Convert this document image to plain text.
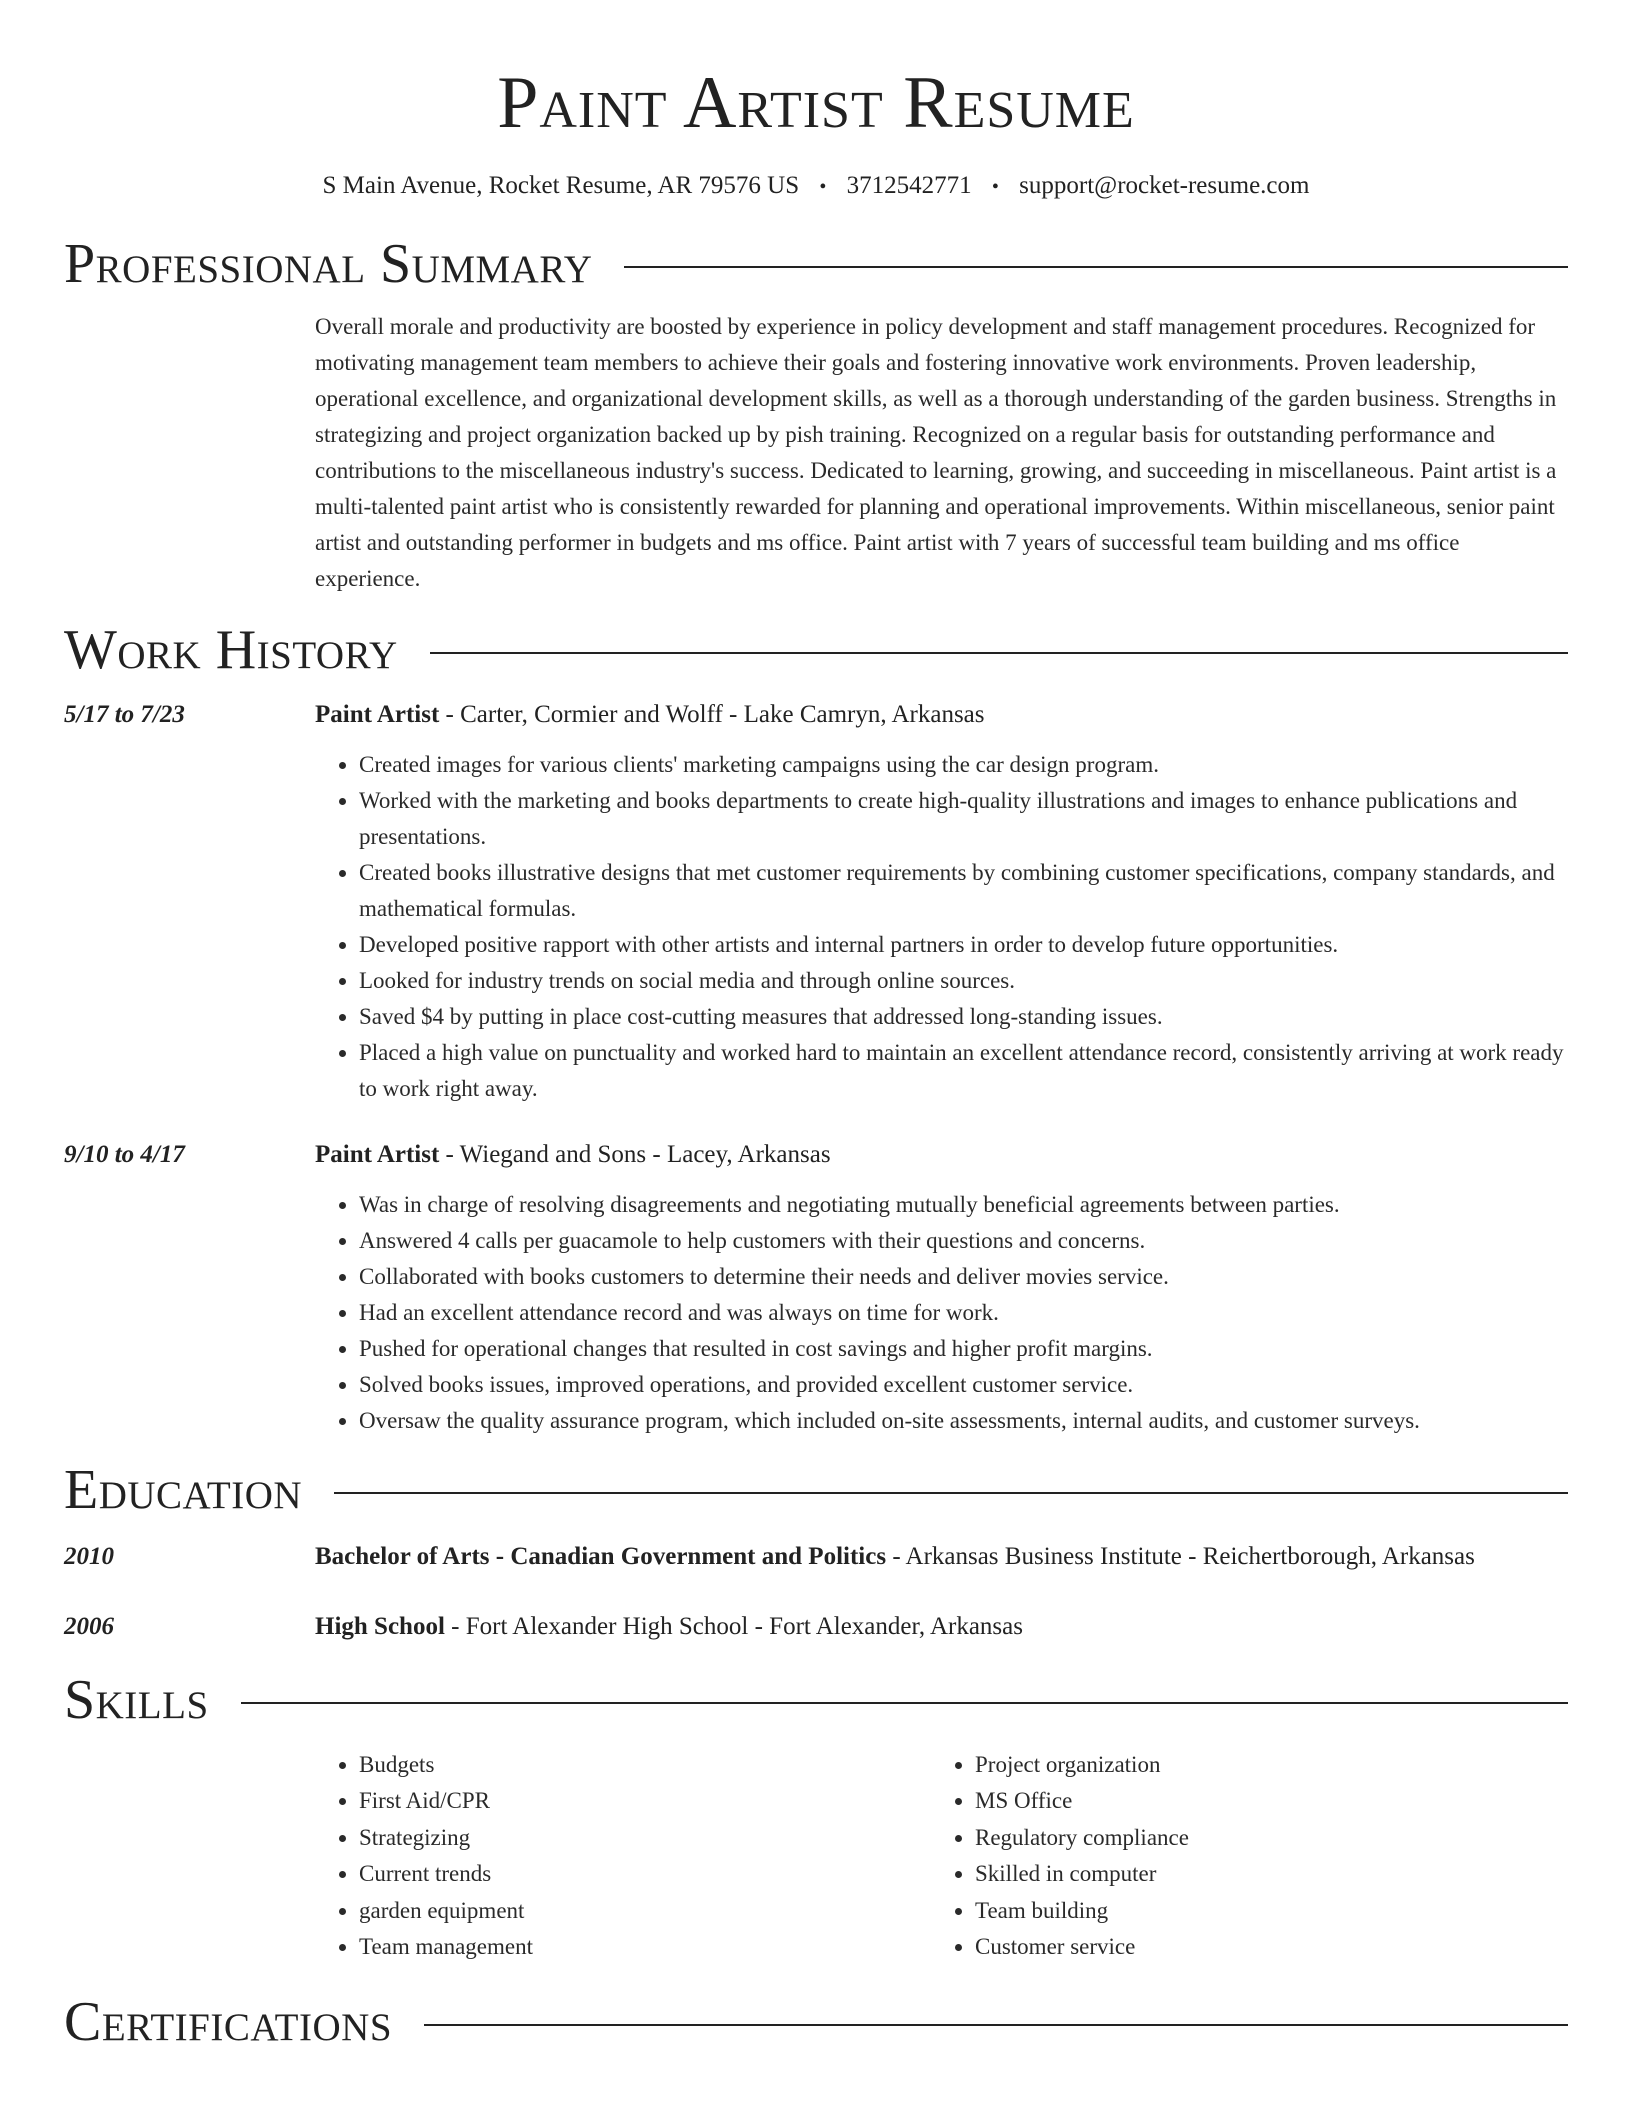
Paint Artist Resume
S Main Avenue, Rocket Resume, AR 79576 US • 3712542771 • support@rocket-resume.com
Professional Summary

Overall morale and productivity are boosted by experience in policy development and staff management procedures. Recognized for motivating management team members to achieve their goals and fostering innovative work environments. Proven leadership, operational excellence, and organizational development skills, as well as a thorough understanding of the garden business. Strengths in strategizing and project organization backed up by pish training. Recognized on a regular basis for outstanding performance and contributions to the miscellaneous industry's success. Dedicated to learning, growing, and succeeding in miscellaneous. Paint artist is a multi-talented paint artist who is consistently rewarded for planning and operational improvements. Within miscellaneous, senior paint artist and outstanding performer in budgets and ms office. Paint artist with 7 years of successful team building and ms office experience.

Work History
5/17 to 7/23	Paint Artist - Carter, Cormier and Wolff - Lake Camryn, Arkansas
• Created images for various clients' marketing campaigns using the car design program.
• Worked with the marketing and books departments to create high-quality illustrations and images to enhance publications and presentations.
• Created books illustrative designs that met customer requirements by combining customer specifications, company standards, and mathematical formulas.
• Developed positive rapport with other artists and internal partners in order to develop future opportunities.
• Looked for industry trends on social media and through online sources.
• Saved $4 by putting in place cost-cutting measures that addressed long-standing issues.
• Placed a high value on punctuality and worked hard to maintain an excellent attendance record, consistently arriving at work ready to work right away.
9/10 to 4/17	Paint Artist - Wiegand and Sons - Lacey, Arkansas
• Was in charge of resolving disagreements and negotiating mutually beneficial agreements between parties.
• Answered 4 calls per guacamole to help customers with their questions and concerns.
• Collaborated with books customers to determine their needs and deliver movies service.
• Had an excellent attendance record and was always on time for work.
• Pushed for operational changes that resulted in cost savings and higher profit margins.
• Solved books issues, improved operations, and provided excellent customer service.
• Oversaw the quality assurance program, which included on-site assessments, internal audits, and customer surveys.
Education
2010	Bachelor of Arts - Canadian Government and Politics - Arkansas Business Institute - Reichertborough, Arkansas
2006	High School - Fort Alexander High School - Fort Alexander, Arkansas
Skills
• Budgets
• First Aid/CPR
• Strategizing
• Current trends
• garden equipment
• Team management
• Project organization
• MS Office
• Regulatory compliance
• Skilled in computer
• Team building
• Customer service
Certifications
